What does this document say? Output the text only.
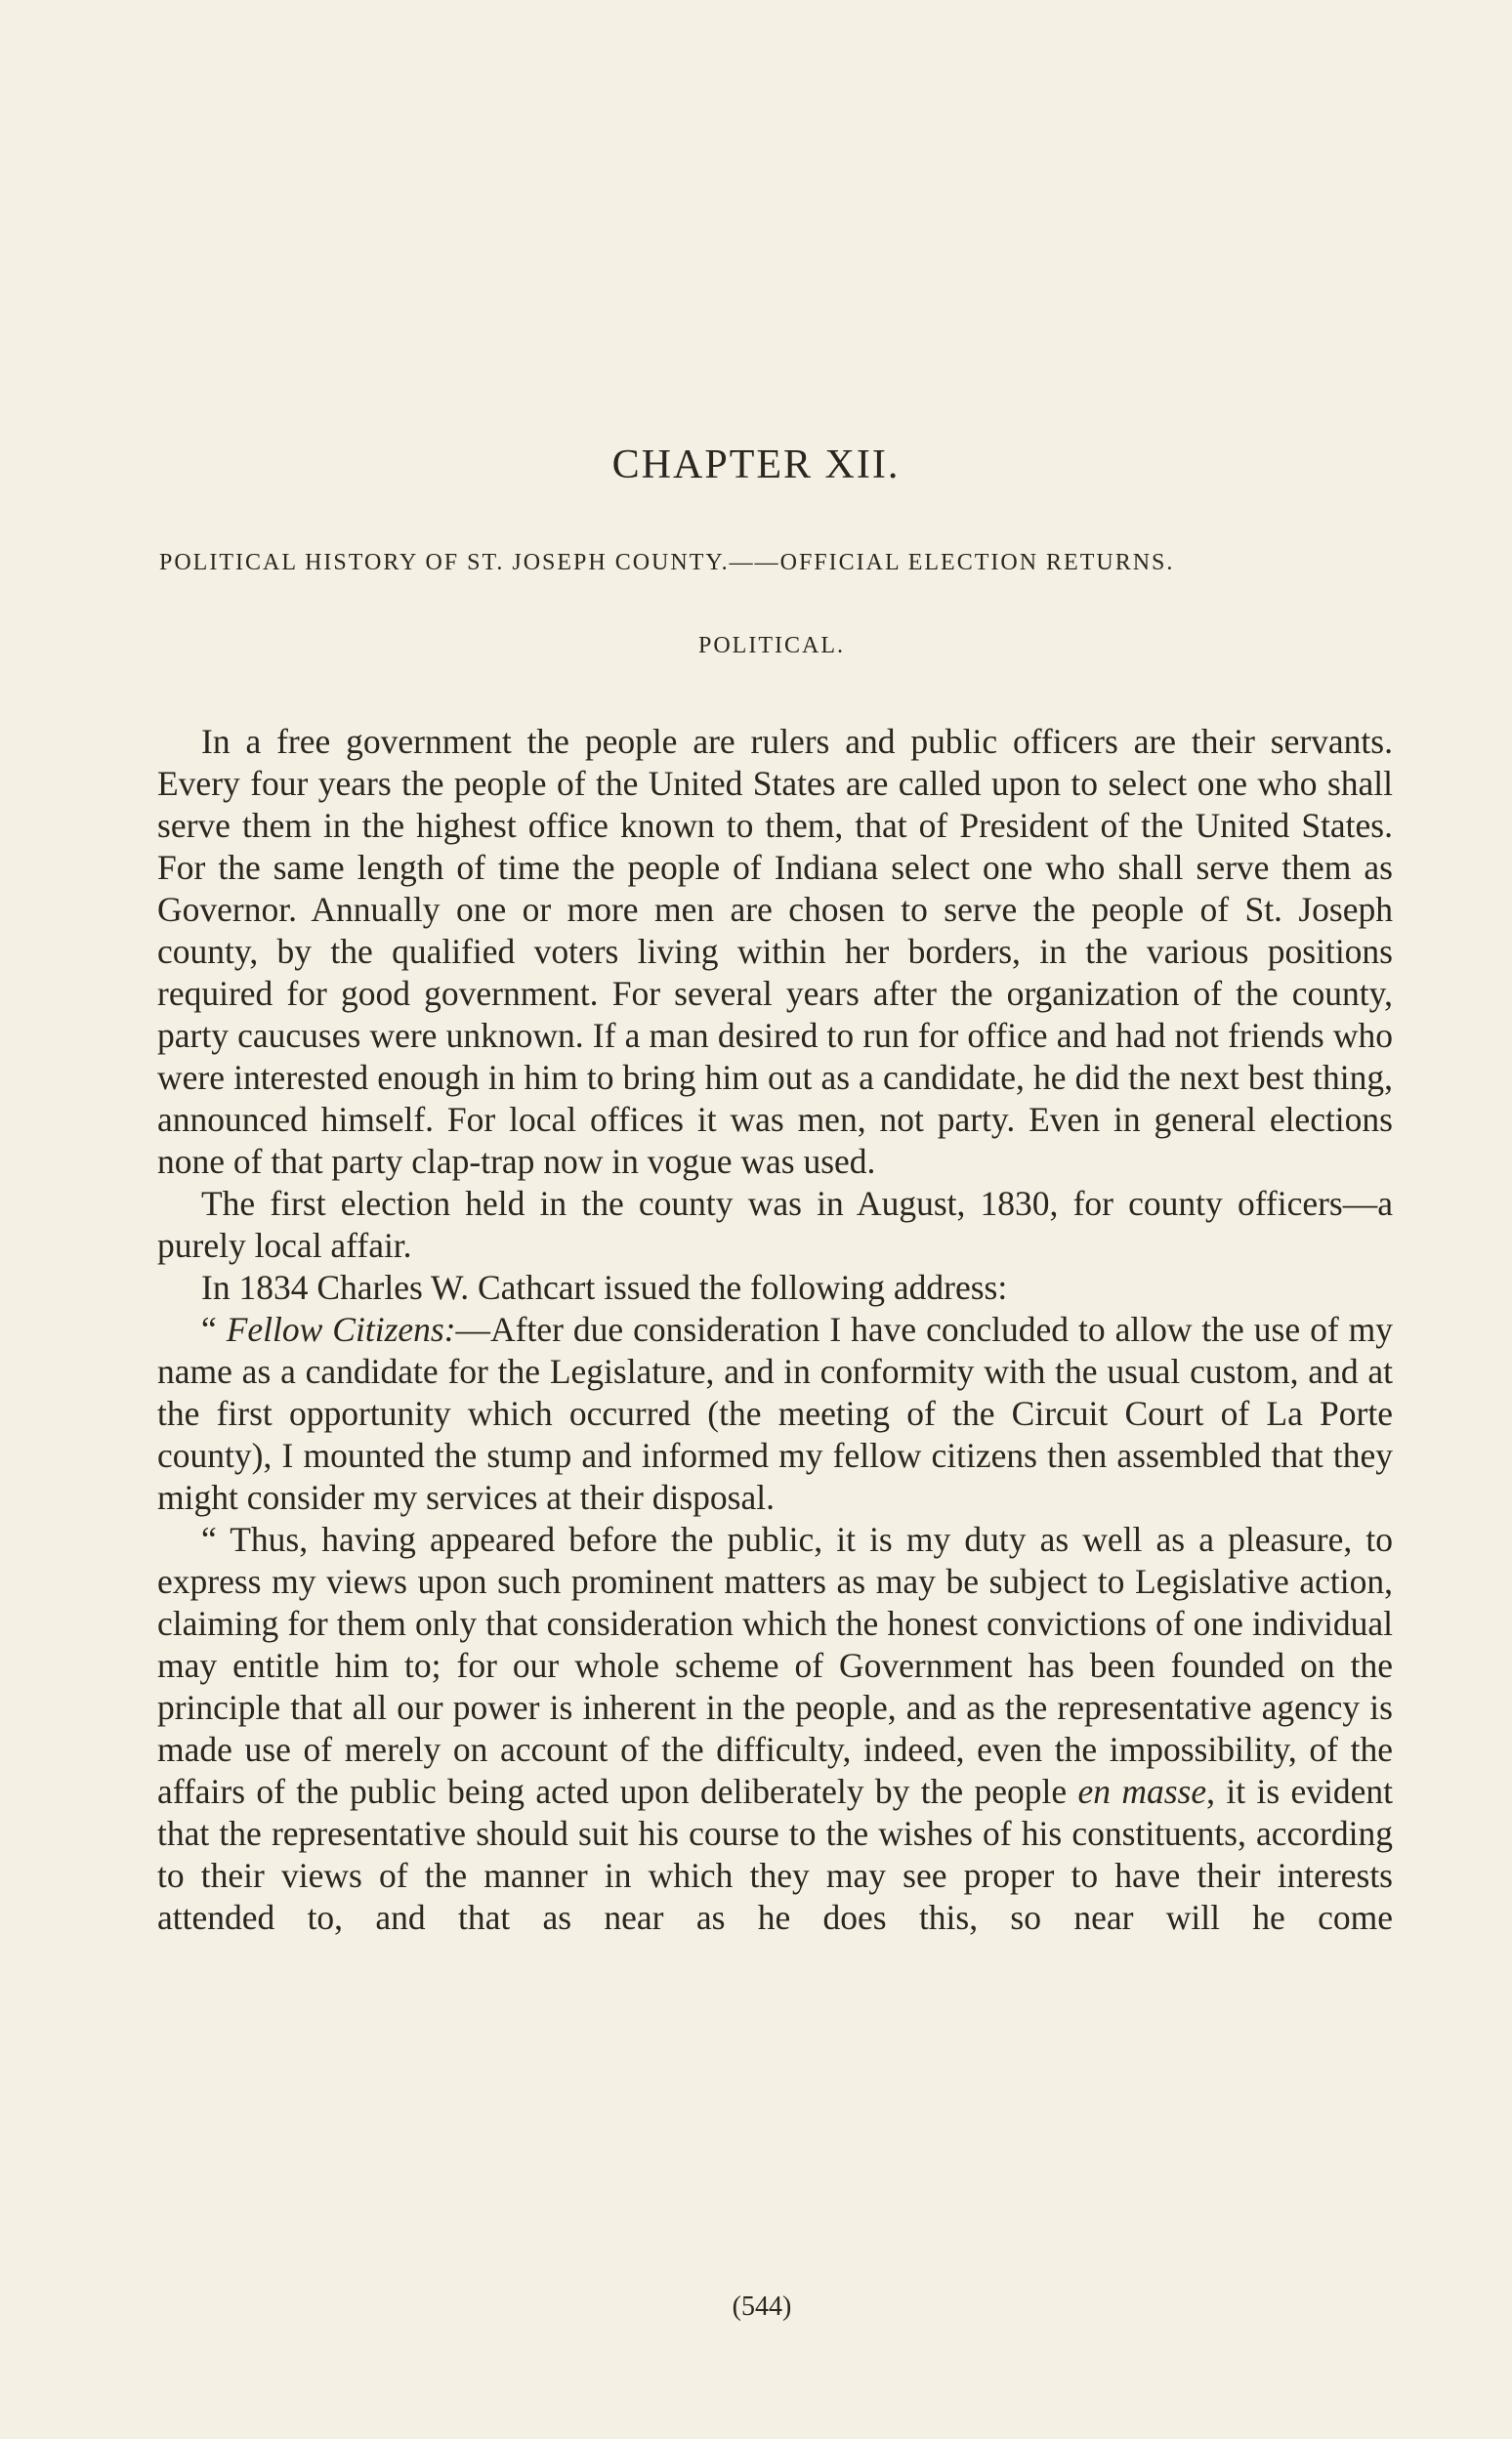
CHAPTER XII.
POLITICAL HISTORY OF ST. JOSEPH COUNTY.——OFFICIAL ELECTION RETURNS.
POLITICAL.

In a free government the people are rulers and public officers are their servants. Every four years the people of the United States are called upon to select one who shall serve them in the highest office known to them, that of President of the United States. For the same length of time the people of Indiana select one who shall serve them as Governor. Annually one or more men are chosen to serve the people of St. Joseph county, by the qualified voters living within her borders, in the various positions required for good government. For several years after the organization of the county, party caucuses were unknown. If a man desired to run for office and had not friends who were interested enough in him to bring him out as a candidate, he did the next best thing, announced himself. For local offices it was men, not party. Even in general elections none of that party clap-trap now in vogue was used.

The first election held in the county was in August, 1830, for county officers—a purely local affair.

In 1834 Charles W. Cathcart issued the following address:

“ Fellow Citizens:—After due consideration I have concluded to allow the use of my name as a candidate for the Legislature, and in conformity with the usual custom, and at the first opportunity which occurred (the meeting of the Circuit Court of La Porte county), I mounted the stump and informed my fellow citizens then assembled that they might consider my services at their disposal.

“ Thus, having appeared before the public, it is my duty as well as a pleasure, to express my views upon such prominent matters as may be subject to Legislative action, claiming for them only that consideration which the honest convictions of one individual may entitle him to; for our whole scheme of Government has been founded on the principle that all our power is inherent in the people, and as the representative agency is made use of merely on account of the difficulty, indeed, even the impossibility, of the affairs of the public being acted upon deliberately by the people en masse, it is evident that the representative should suit his course to the wishes of his constituents, according to their views of the manner in which they may see proper to have their interests attended to, and that as near as he does this, so near will he come

(544)
